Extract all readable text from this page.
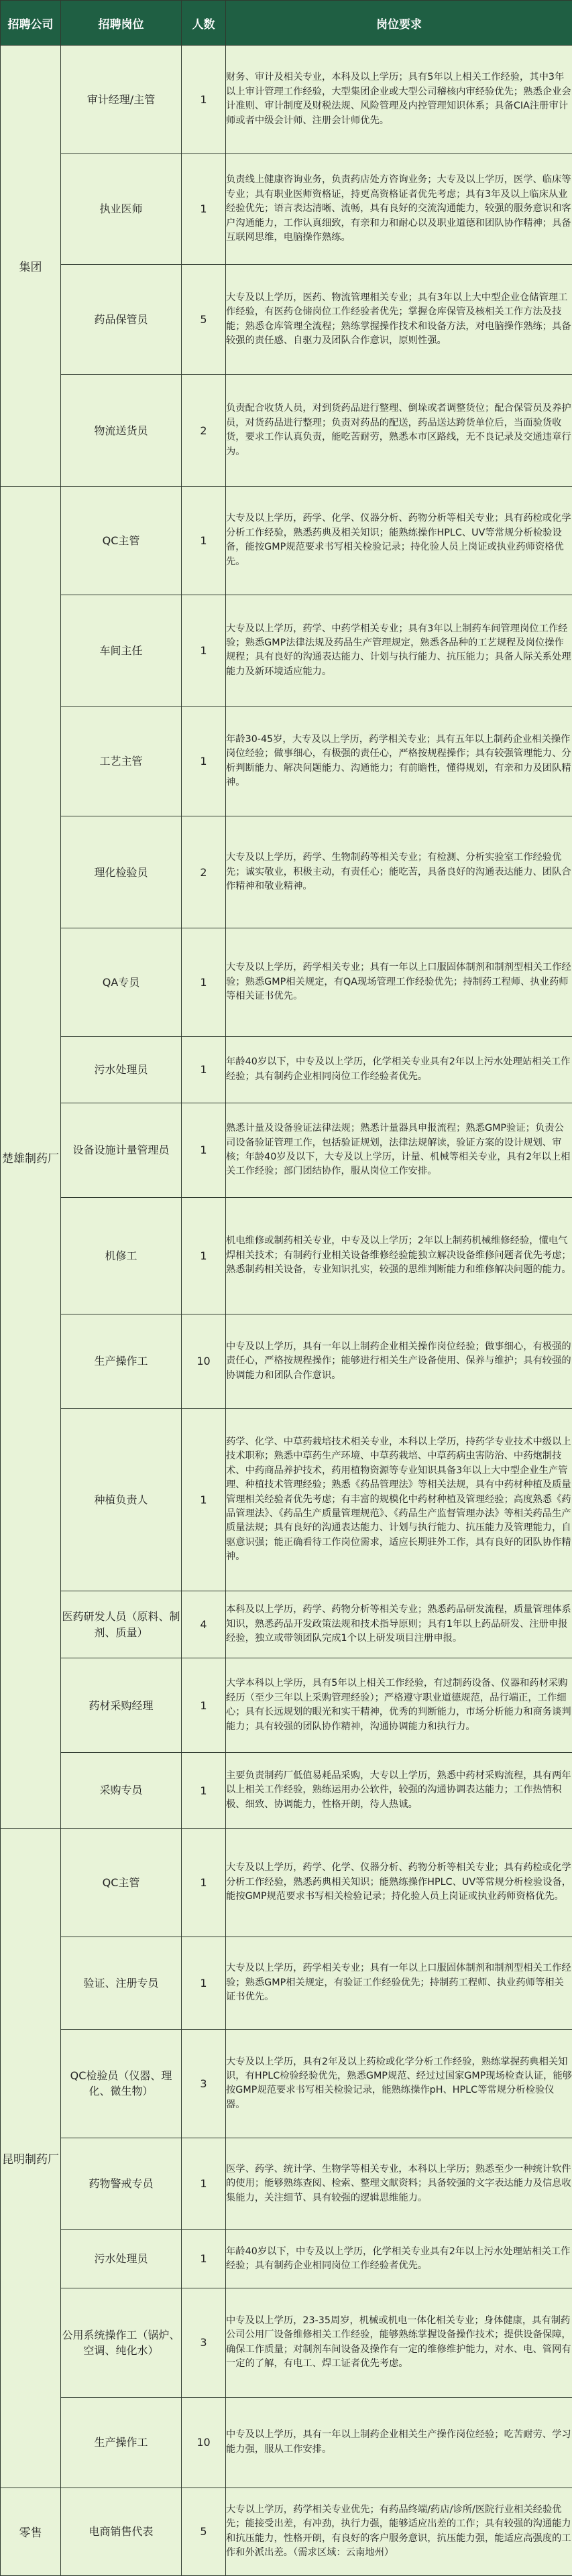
招聘公司	招聘岗位	人数	岗位要求
集团	审计经理/主管	1	财务、审计及相关专业，本科及以上学历；具有5年以上相关工作经验，其中3年以上审计管理工作经验，大型集团企业或大型公司稽核内审经验优先；熟悉企业会计准则、审计制度及财税法规、风险管理及内控管理知识体系；具备CIA注册审计师或者中级会计师、注册会计师优先。
	执业医师	1	负责线上健康咨询业务，负责药店处方咨询业务；大专及以上学历，医学、临床等专业；具有职业医师资格证，持更高资格证者优先考虑；具有3年及以上临床从业经验优先；语言表达清晰、流畅，具有良好的交流沟通能力，较强的服务意识和客户沟通能力，工作认真细致，有亲和力和耐心以及职业道德和团队协作精神；具备互联网思维，电脑操作熟练。
	药品保管员	5	大专及以上学历，医药、物流管理相关专业；具有3年以上大中型企业仓储管理工作经验，有医药仓储岗位工作经验者优先；掌握仓库保管及核相关工作方法及技能；熟悉仓库管理全流程；熟练掌握操作技术和设备方法，对电脑操作熟练；具备较强的责任感、自驱力及团队合作意识，原则性强。
	物流送货员	2	负责配合收货人员，对到货药品进行整理、倒垛或者调整货位；配合保管员及养护员，对货药品进行整理；负责对药品的配送，药品送达跨货单位后，当面验货收货，要求工作认真负责，能吃苦耐劳，熟悉本市区路线，无不良记录及交通违章行为。
楚雄制药厂	QC主管	1	大专及以上学历，药学、化学、仪器分析、药物分析等相关专业；具有药检或化学分析工作经验，熟悉药典及相关知识；能熟练操作HPLC、UV等常规分析检验设备，能按GMP规范要求书写相关检验记录；持化验人员上岗证或执业药师资格优先。
	车间主任	1	大专及以上学历，药学、中药学相关专业；具有3年以上制药车间管理岗位工作经验；熟悉GMP法律法规及药品生产管理规定，熟悉各品种的工艺规程及岗位操作规程；具有良好的沟通表达能力、计划与执行能力、抗压能力；具备人际关系处理能力及新环境适应能力。
	工艺主管	1	年龄30-45岁，大专及以上学历，药学相关专业；具有五年以上制药企业相关操作岗位经验；做事细心，有极强的责任心，严格按规程操作；具有较强管理能力、分析判断能力、解决问题能力、沟通能力；有前瞻性，懂得规划，有亲和力及团队精神。
	理化检验员	2	大专及以上学历，药学、生物制药等相关专业；有检测、分析实验室工作经验优先；诚实敬业，积极主动，有责任心；能吃苦，具备良好的沟通表达能力、团队合作精神和敬业精神。
	QA专员	1	大专及以上学历，药学相关专业；具有一年以上口服固体制剂和制剂型相关工作经验；熟悉GMP相关规定，有QA现场管理工作经验优先；持制药工程师、执业药师等相关证书优先。
	污水处理员	1	年龄40岁以下，中专及以上学历，化学相关专业具有2年以上污水处理站相关工作经验；具有制药企业相同岗位工作经验者优先。
	设备设施计量管理员	1	熟悉计量及设备验证法律法规；熟悉计量器具申报流程；熟悉GMP验证；负责公司设备验证管理工作，包括验证规划，法律法规解读，验证方案的设计规划、审核；年龄40岁及以下，大专及以上学历，计量、机械等相关专业，具有2年以上相关工作经验；部门团结协作，服从岗位工作安排。
	机修工	1	机电维修或制药相关专业，中专及以上学历；2年以上制药机械维修经验，懂电气焊相关技术；有制药行业相关设备维修经验能独立解决设备维修问题者优先考虑；熟悉制药相关设备，专业知识扎实，较强的思维判断能力和维修解决问题的能力。
	生产操作工	10	中专及以上学历，具有一年以上制药企业相关操作岗位经验；做事细心，有极强的责任心，严格按规程操作；能够进行相关生产设备使用、保养与维护；具有较强的协调能力和团队合作意识。
	种植负责人	1	药学、化学、中草药栽培技术相关专业，本科以上学历，持药学专业技术中级以上技术职称；熟悉中草药生产环境、中草药栽培、中草药病虫害防治、中药炮制技术、中药商品养护技术，药用植物资源等专业知识具备3年以上大中型企业生产管理、种植技术管理经验；熟悉《药品管理法》等相关法规，具有中药材种植及质量管理相关经验者优先考虑；有丰富的规模化中药材种植及管理经验；高度熟悉《药品管理法》、《药品生产质量管理规范》、《药品生产监督管理办法》等相关药品生产质量法规；具有良好的沟通表达能力、计划与执行能力、抗压能力及管理能力，自驱意识强；能正确看待工作岗位需求，适应长期驻外工作，具有良好的团队协作精神。
	医药研发人员（原料、制剂、质量）	4	本科及以上学历，药学、药物分析等相关专业；熟悉药品研发流程，质量管理体系知识，熟悉药品开发政策法规和技术指导原则；具有1年以上药品研发、注册申报经验，独立或带领团队完成1个以上研发项目注册申报。
	药材采购经理	1	大学本科以上学历，具有5年以上相关工作经验，有过制药设备、仪器和药材采购经历（至少三年以上采购管理经验）；严格遵守职业道德规范，品行端正，工作细心；具有长远规划的眼光和实干精神，优秀的判断能力，市场分析能力和商务谈判能力；具有较强的团队协作精神，沟通协调能力和执行力。
	采购专员	1	主要负责制药厂低值易耗品采购，大专以上学历，熟悉中药材采购流程，具有两年以上相关工作经验，熟练运用办公软件，较强的沟通协调表达能力；工作热情积极、细致、协调能力，性格开朗，待人热诚。
昆明制药厂	QC主管	1	大专及以上学历，药学、化学、仪器分析、药物分析等相关专业；具有药检或化学分析工作经验，熟悉药典相关知识；能熟练操作HPLC、UV等常规分析检验设备，能按GMP规范要求书写相关检验记录；持化验人员上岗证或执业药师资格优先。
	验证、注册专员	1	大专及以上学历，药学相关专业；具有一年以上口服固体制剂和制剂型相关工作经验；熟悉GMP相关规定，有验证工作经验优先；持制药工程师、执业药师等相关证书优先。
	QC检验员（仪器、理化、微生物）	3	大专及以上学历，具有2年及以上药检或化学分析工作经验，熟练掌握药典相关知识，有HPLC检验经验优先，熟悉GMP规范、经过过国家GMP现场检查认证，能够按GMP规范要求书写相关检验记录，能熟练操作pH、HPLC等常规分析检验仪器。
	药物警戒专员	1	医学、药学、统计学、生物学等相关专业，本科以上学历；熟悉至少一种统计软件的使用；能够熟练查阅、检索、整理文献资料；具备较强的文字表达能力及信息收集能力，关注细节、具有较强的逻辑思维能力。
	污水处理员	1	年龄40岁以下，中专及以上学历，化学相关专业具有2年以上污水处理站相关工作经验；具有制药企业相同岗位工作经验者优先。
	公用系统操作工（锅炉、空调、纯化水）	3	中专及以上学历，23-35周岁，机械或机电一体化相关专业；身体健康，具有制药公司公用厂设备维修相关工作经验，能够熟练掌握设备操作技术；提供设备保障，确保工作质量；对制剂车间设备及操作有一定的维修维护能力，对水、电、管网有一定的了解，有电工、焊工证者优先考虑。
	生产操作工	10	中专及以上学历，具有一年以上制药企业相关生产操作岗位经验；吃苦耐劳、学习能力强，服从工作安排。
零售	电商销售代表	5	大专以上学历，药学相关专业优先；有药品终端/药店/诊所/医院行业相关经验优先；能接受出差，有冲劲，执行力强，能够适应出差的工作；具有较强的沟通能力和抗压能力，性格开朗，有良好的客户服务意识，抗压能力强，能适应高强度的工作和外派出差。（需求区域：云南地州）
